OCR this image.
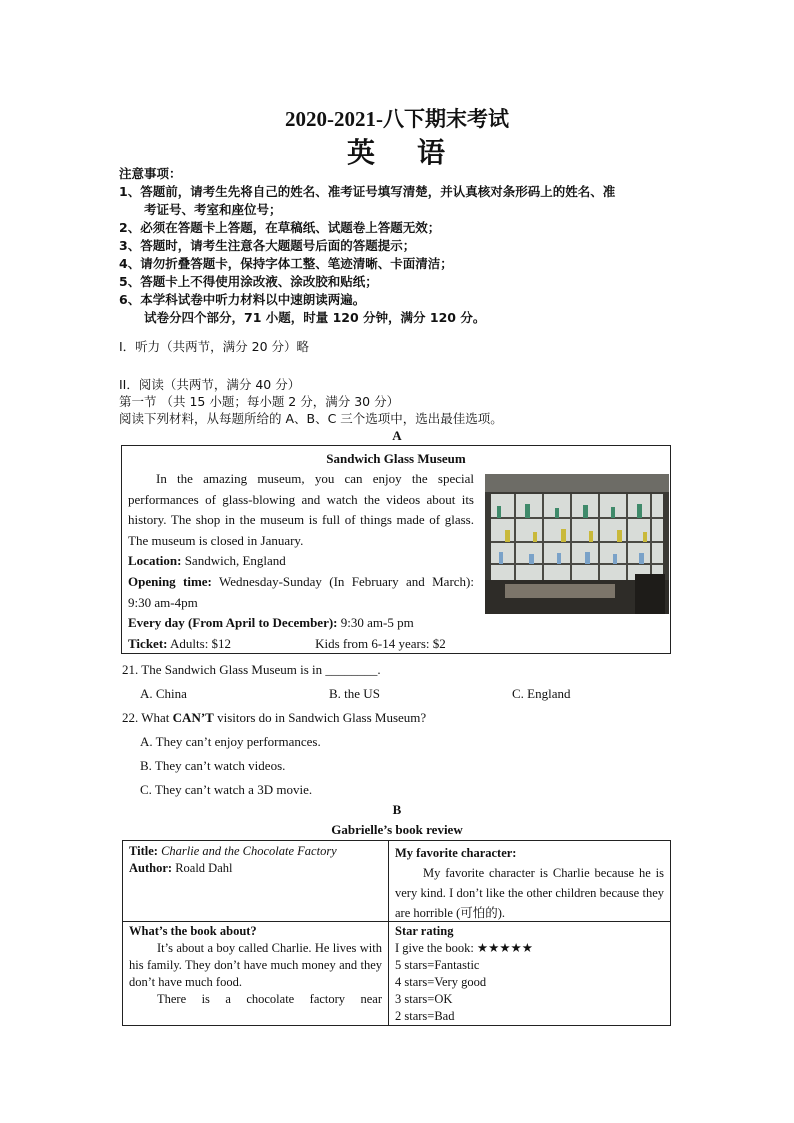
2020-2021-八下期末考试
英 语
注意事项：
1、答题前，请考生先将自己的姓名、准考证号填写清楚，并认真核对条形码上的姓名、准
考证号、考室和座位号；
2、必须在答题卡上答题，在草稿纸、试题卷上答题无效；
3、答题时，请考生注意各大题题号后面的答题提示；
4、请勿折叠答题卡，保持字体工整、笔迹清晰、卡面清洁；
5、答题卡上不得使用涂改液、涂改胶和贴纸；
6、本学科试卷中听力材料以中速朗读两遍。
试卷分四个部分，71 小题，时量 120 分钟，满分 120 分。
I．听力（共两节，满分 20 分）略
II．阅读（共两节，满分 40 分）
第一节 （共 15 小题；每小题 2 分，满分 30 分）
阅读下列材料，从每题所给的 A、B、C 三个选项中，选出最佳选项。
A
Sandwich Glass Museum

In the amazing museum, you can enjoy the special performances of glass-blowing and watch the videos about its history. The shop in the museum is full of things made of glass. The museum is closed in January.

Location: Sandwich, England

Opening time: Wednesday-Sunday (In February and March): 9:30 am-4pm

Every day (From April to December): 9:30 am-5 pm

Ticket: Adults: $12	Kids from 6-14 years: $2

21. The Sandwich Glass Museum is in ________.
A. China	B. the US	C. England
22. What CAN’T visitors do in Sandwich Glass Museum?
A. They can’t enjoy performances.
B. They can’t watch videos.
C. They can’t watch a 3D movie.
B
Gabrielle’s book review
Title: Charlie and the Chocolate Factory
Author: Roald Dahl
My favorite character:
My favorite character is Charlie because he is very kind. I don’t like the other children because they are horrible (可怕的).
What’s the book about?
It’s about a boy called Charlie. He lives with his family. They don’t have much money and they don’t have much food.
There is a chocolate factory near
Star rating
I give the book: ★★★★★
5 stars=Fantastic
4 stars=Very good
3 stars=OK
2 stars=Bad
